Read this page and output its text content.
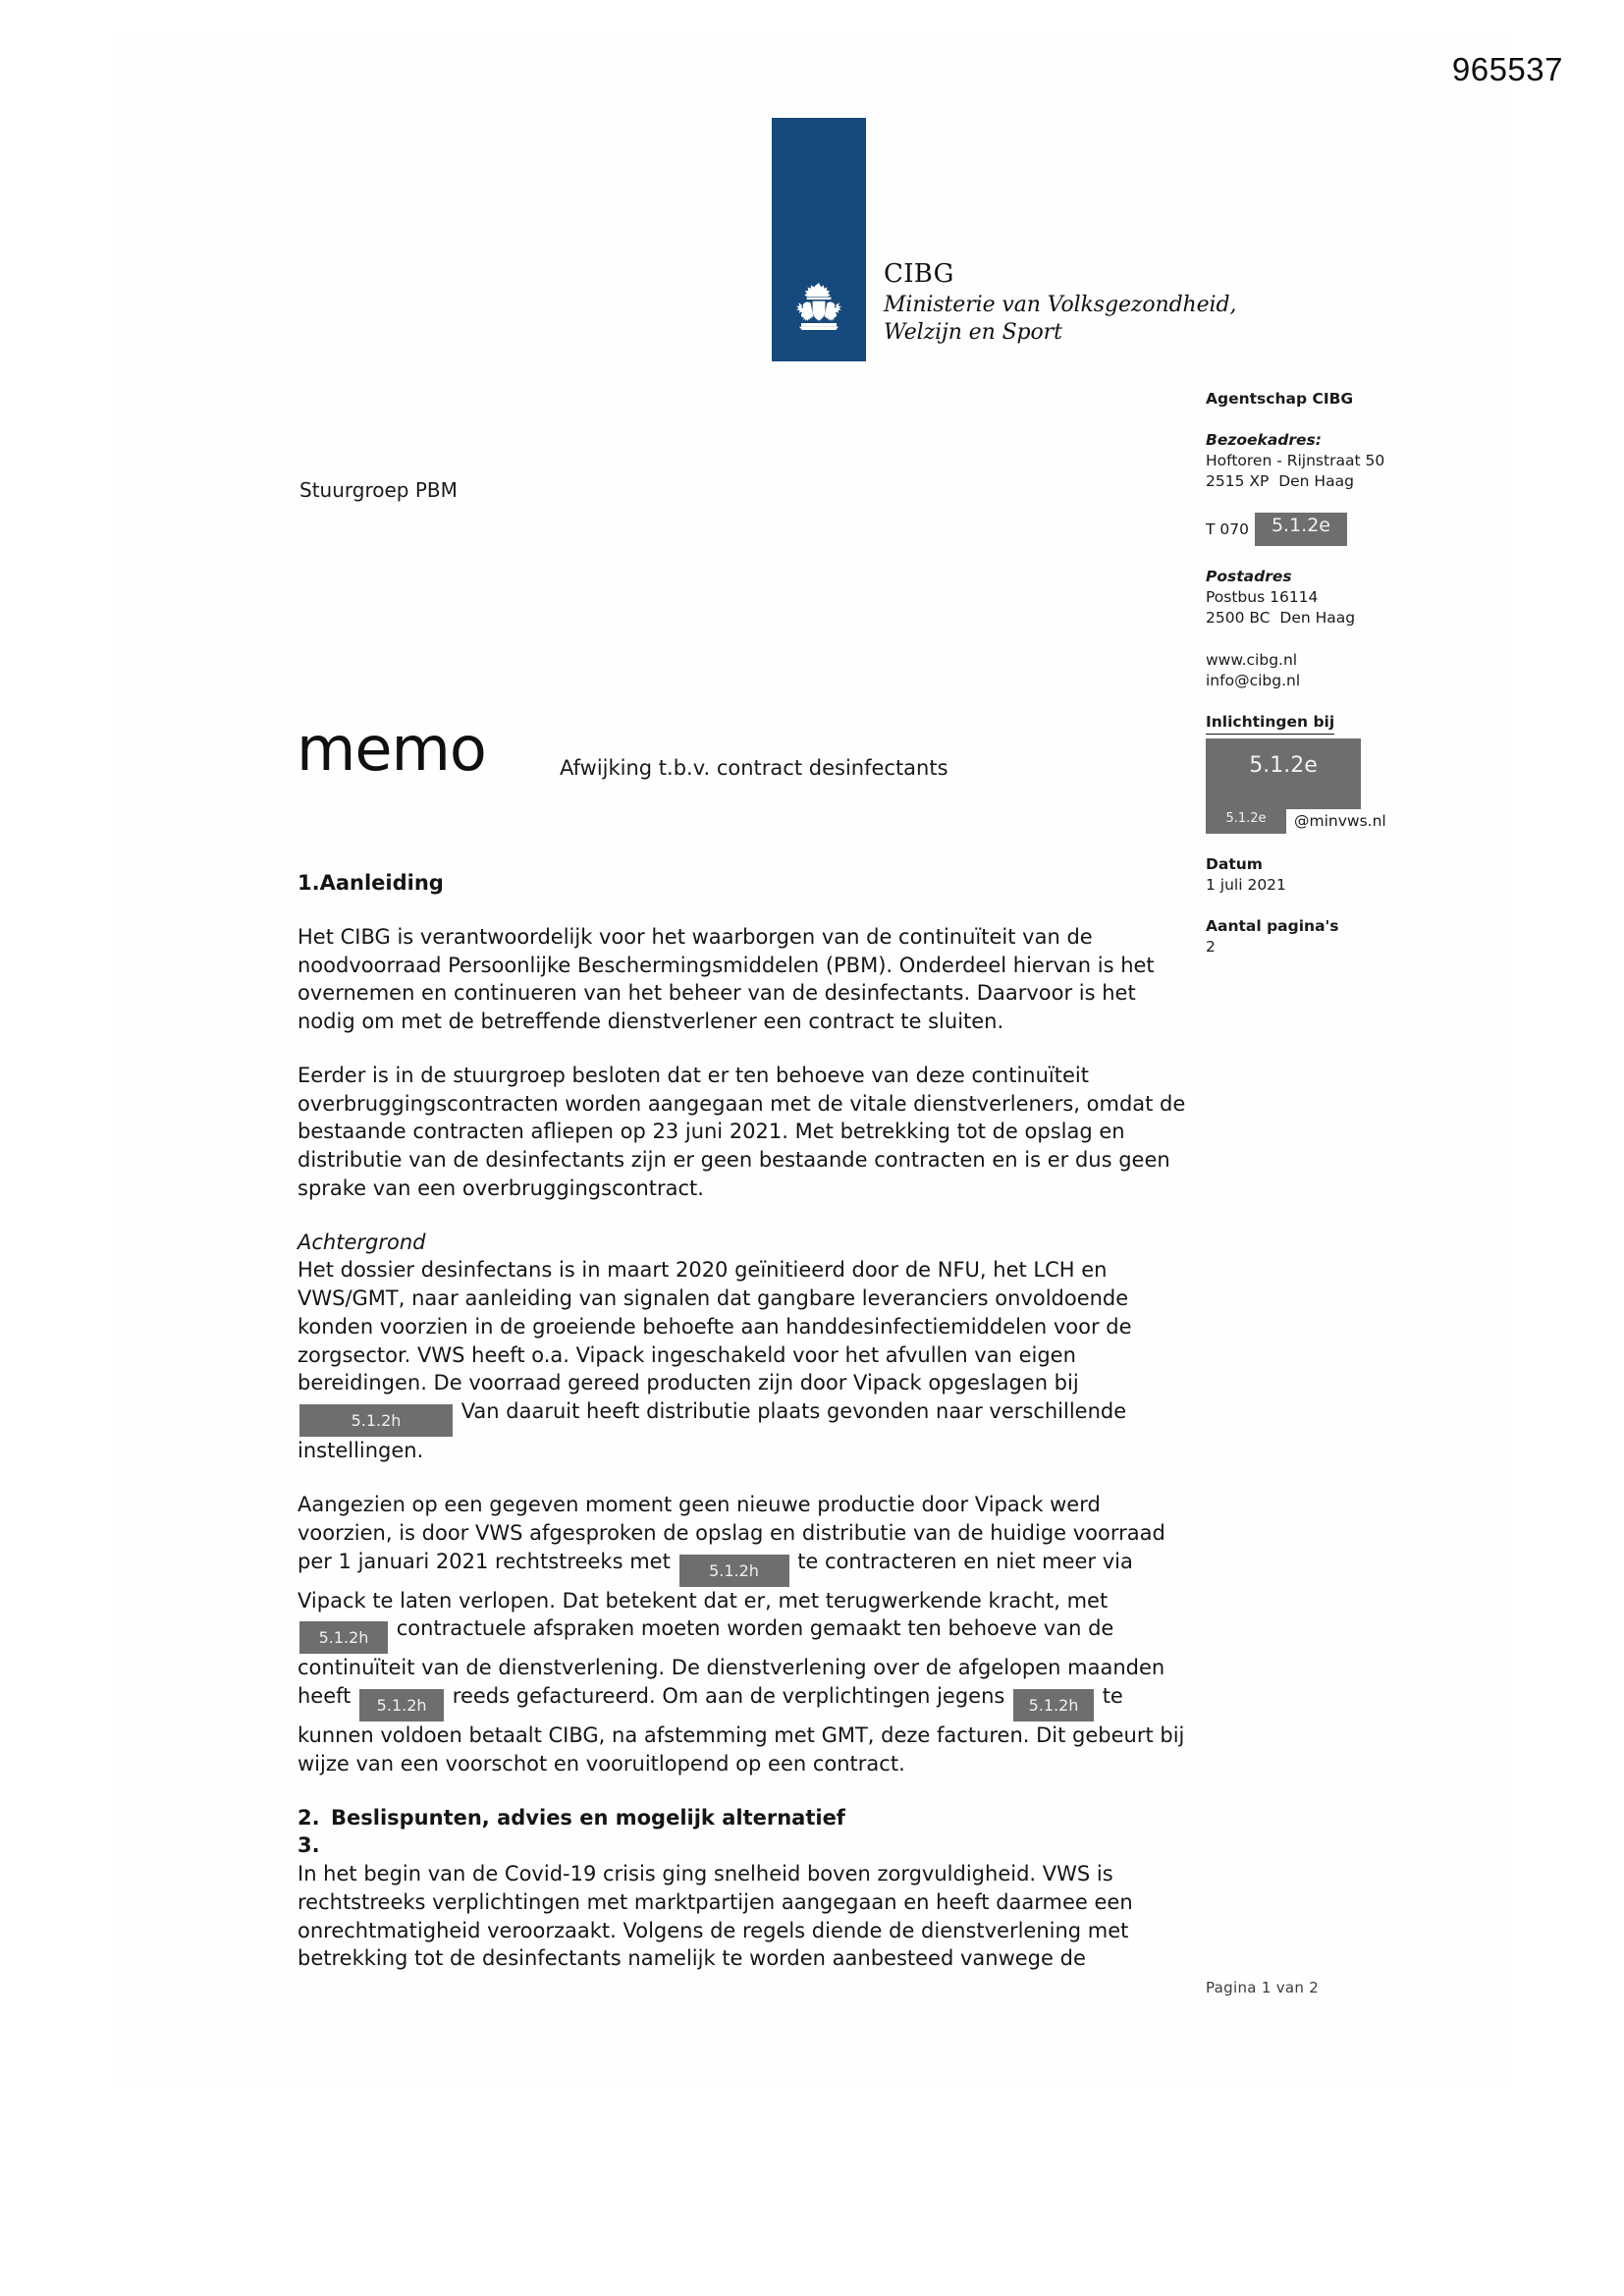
965537
CIBG
Ministerie van Volksgezondheid,
Welzijn en Sport
Stuurgroep PBM
memo	Afwijking t.b.v. contract desinfectants
Agentschap CIBG
Bezoekadres:
Hoftoren - Rijnstraat 50
2515 XP  Den Haag
T 070	5.1.2e
Postadres
Postbus 16114
2500 BC  Den Haag
www.cibg.nl
info@cibg.nl
Inlichtingen bij 5.1.2e
5.1.2e	@minvws.nl
Datum
1 juli 2021
Aantal pagina's
2
1.Aanleiding

Het CIBG is verantwoordelijk voor het waarborgen van de continuïteit van de noodvoorraad Persoonlijke Beschermingsmiddelen (PBM). Onderdeel hiervan is het overnemen en continueren van het beheer van de desinfectants. Daarvoor is het nodig om met de betreffende dienstverlener een contract te sluiten.

Eerder is in de stuurgroep besloten dat er ten behoeve van deze continuïteit overbruggingscontracten worden aangegaan met de vitale dienstverleners, omdat de bestaande contracten afliepen op 23 juni 2021. Met betrekking tot de opslag en distributie van de desinfectants zijn er geen bestaande contracten en is er dus geen sprake van een overbruggingscontract.

Achtergrond
Het dossier desinfectans is in maart 2020 geïnitieerd door de NFU, het LCH en VWS/GMT, naar aanleiding van signalen dat gangbare leveranciers onvoldoende konden voorzien in de groeiende behoefte aan handdesinfectiemiddelen voor de zorgsector. VWS heeft o.a. Vipack ingeschakeld voor het afvullen van eigen bereidingen. De voorraad gereed producten zijn door Vipack opgeslagen bij 5.1.2h	Van daaruit heeft distributie plaats gevonden naar verschillende instellingen.

Aangezien op een gegeven moment geen nieuwe productie door Vipack werd voorzien, is door VWS afgesproken de opslag en distributie van de huidige voorraad per 1 januari 2021 rechtstreeks met 5.1.2h te contracteren en niet meer via Vipack te laten verlopen. Dat betekent dat er, met terugwerkende kracht, met 5.1.2h contractuele afspraken moeten worden gemaakt ten behoeve van de continuïteit van de dienstverlening. De dienstverlening over de afgelopen maanden heeft 5.1.2h reeds gefactureerd. Om aan de verplichtingen jegens 5.1.2h te kunnen voldoen betaalt CIBG, na afstemming met GMT, deze facturen. Dit gebeurt bij wijze van een voorschot en vooruitlopend op een contract.

2. Beslispunten, advies en mogelijk alternatief
3.

In het begin van de Covid-19 crisis ging snelheid boven zorgvuldigheid. VWS is rechtstreeks verplichtingen met marktpartijen aangegaan en heeft daarmee een onrechtmatigheid veroorzaakt. Volgens de regels diende de dienstverlening met betrekking tot de desinfectants namelijk te worden aanbesteed vanwege de

Pagina 1 van 2
